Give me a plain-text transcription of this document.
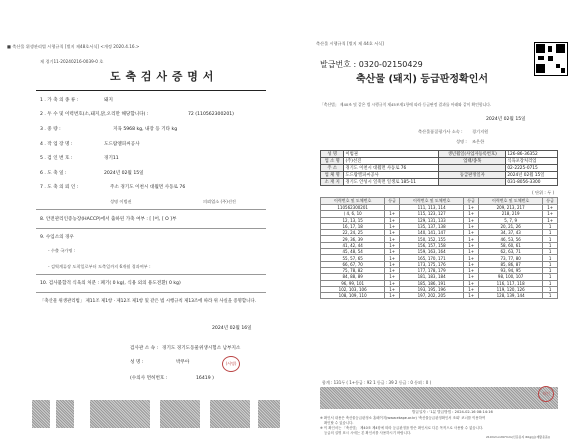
■ 축산물 위생관리법 시행규칙 [별지 제48호서식] <개정 2020.4.16.>
제 경기11-20240216-0039-0 호
도 축 검 사 증 명 서
1 . 가 축 의 종 류 :	돼지
2 . 두 수 및 이력번호(소,돼지,닭,오리만 해당합니다) :	72 (110562300201)
3 . 중 량 :	지육 5968 kg, 내장 등 기타 kg
4 . 작 업 장 명 :	도드람엘피씨공사
5 . 검 인 번 호 :	경기11
6 . 도 축 일 :	2024년 02월 15일
7 . 도 축 의 뢰 인 :	주소 경기도 이천시 대월면 사동로 76
성명 이범권	의뢰업소 (주)선진
8. 안전관리인증농장(HACCP)에서 출하된 가축 여부 : [ ]어, [ O ]부
9. 수입소의 경우
- 수출 국가명 :
- 검역계류장 도착일로부터 도축일까지 6개월 경과여부 :
10. 검사불합격 식육의 처분 : 폐기( 0 kg), 식용 외의 용도전환( 0 kg)
「축산물 위생관리법」 제11조 제1항 · 제12조 제1항 및 같은 법 시행규칙 제13조에 따라 위 사실을 증명합니다.
2024년 02월 16일
검사관 소 속 : 경기도 경기도동물위생시험소 남부지소
성 명 :	박무아	(서명)
(수의사 면허번호 :	16419 )
축산물 시행규칙 [별지 제 44호 서식]
발급번호 : 0320-02150429
축산물 (돼지) 등급판정확인서
「축산법」 제40조 및 같은 법 시행규칙 제45조제1항에 따라 등급판정 결과를 아래와 같이 확인합니다.
2024년 02월 15일
축산물품질평가사 소속 : 경기지원
성명 : 조은한
성 명	이범권	생년월일(사업자등록번호)	126-86-36352
업 소 명	(주)선진	업태/종목	식육포장처리업
주 소	경기도 이천시 대월면 사동로 76		02-2225-0715
업 체 명	도드람엘피씨공사	등급판정일자	2024년 02월 15일
소 재 지	경기도 안성시 일죽면 일생로 185-11		031-8056-3300
( 단위 : 두 )
이력번호 및 도체번호	등급	이력번호 및 도체번호	등급	이력번호 및 도체번호	등급
110562300201		111, 113, 114	1+	209, 213, 217	1+
( 4, 6, 10	1+	115, 123, 127	1+	218, 219	1+
12, 13, 15	1+	129, 131, 133	1+	5, 7, 9	1+
16, 17, 18	1+	135, 137, 138	1+	20, 21, 26	1
22, 24, 25	1+	140, 141, 147	1+	34, 37, 43	1
29, 36, 39	1+	150, 152, 155	1+	46, 53, 56	1
41, 42, 44	1+	156, 157, 158	1+	58, 60, 61	1
45, 48, 54	1+	159, 163, 164	1+	62, 63, 71	1
55, 57, 65	1+	165, 170, 171	1+	73, 77, 80	1
66, 67, 70	1+	173, 175, 176	1+	85, 86, 87	1
75, 78, 82	1+	177, 178, 179	1+	93, 94, 95	1
84, 88, 89	1+	181, 183, 184	1+	98, 100, 107	1
96, 99, 101	1+	185, 186, 191	1+	116, 117, 118	1
102, 103, 106	1+	193, 195, 196	1+	119, 120, 126	1
108, 109, 110	1+	197, 202, 205	1+	128, 139, 144	1
합계 : 131두 ( 1+등급 : 92 1 등급 : 39 2 등급 : 0 등외 : 0 )
직인
발급일자 : '1분 발급방법 : 2024-02-16 08:14:16
※ 확인서 내용은 축산물등급판정소 홈페이지(www.ekape.or.kr) '축산물등급판정확인서 조회' 코너를 이용하여
확인할 수 있습니다.
※ 이 확인서는 「축산법」 제40조 제4항에 따라 등급판정을 받은 확인서로 다른 목적으로 사용할 수 없습니다.
등급의 실명 표시 시에는 본 확인서를 사용하시기 바랍니다.
210mm×297mm(신문용지 60g/㎡(재활용품))
